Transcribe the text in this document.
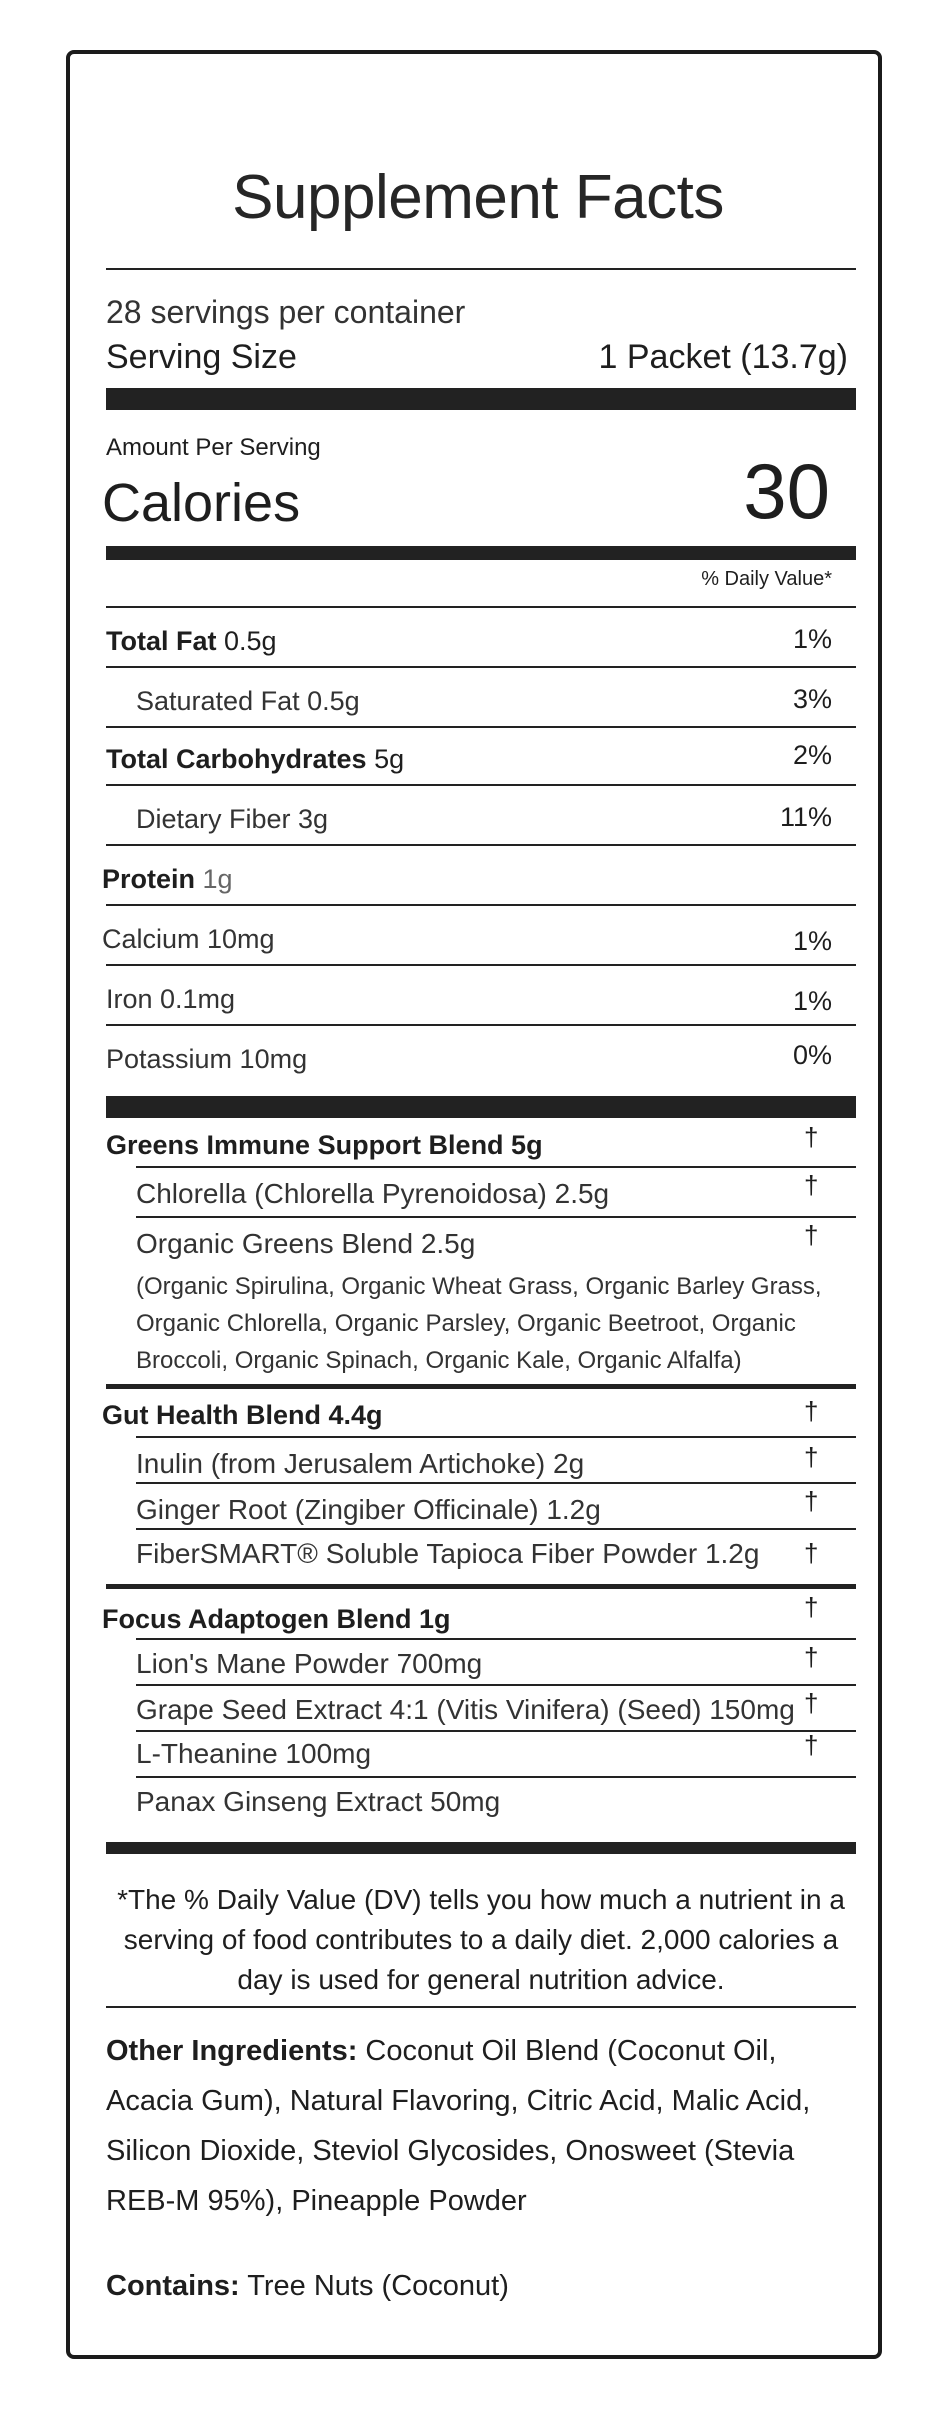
Supplement Facts
28 servings per container
Serving Size	1 Packet (13.7g)
Amount Per Serving
Calories	30
% Daily Value*
Total Fat 0.5g	1%
Saturated Fat 0.5g	3%
Total Carbohydrates 5g	2%
Dietary Fiber 3g	11%
Protein 1g
Calcium 10mg	1%
Iron 0.1mg	1%
Potassium 10mg	0%
Greens Immune Support Blend 5g	†
Chlorella (Chlorella Pyrenoidosa) 2.5g	†
Organic Greens Blend 2.5g	†
(Organic Spirulina, Organic Wheat Grass, Organic Barley Grass, Organic Chlorella, Organic Parsley, Organic Beetroot, Organic Broccoli, Organic Spinach, Organic Kale, Organic Alfalfa)
Gut Health Blend 4.4g	†
Inulin (from Jerusalem Artichoke) 2g	†
Ginger Root (Zingiber Officinale) 1.2g	†
FiberSMART® Soluble Tapioca Fiber Powder 1.2g †
Focus Adaptogen Blend 1g	†
Lion's Mane Powder 700mg	†
Grape Seed Extract 4:1 (Vitis Vinifera) (Seed) 150mg †
L-Theanine 100mg	†
Panax Ginseng Extract 50mg
*The % Daily Value (DV) tells you how much a nutrient in a serving of food contributes to a daily diet. 2,000 calories a day is used for general nutrition advice.
Other Ingredients: Coconut Oil Blend (Coconut Oil, Acacia Gum), Natural Flavoring, Citric Acid, Malic Acid, Silicon Dioxide, Steviol Glycosides, Onosweet (Stevia REB-M 95%), Pineapple Powder
Contains: Tree Nuts (Coconut)
